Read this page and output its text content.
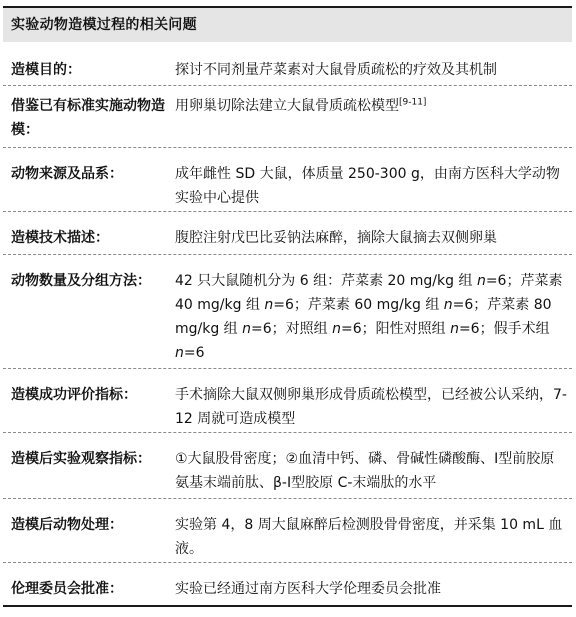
实验动物造模过程的相关问题
造模目的：	探讨不同剂量芹菜素对大鼠骨质疏松的疗效及其机制
借鉴已有标准实施动物造模：
用卵巢切除法建立大鼠骨质疏松模型[9-11]
动物来源及品系：	成年雌性 SD 大鼠，体质量 250-300 g，由南方医科大学动物实验中心提供
造模技术描述：	腹腔注射戊巴比妥钠法麻醉，摘除大鼠摘去双侧卵巢
动物数量及分组方法：	42 只大鼠随机分为 6 组：芹菜素 20 mg/kg 组 n=6；芹菜素 40 mg/kg 组 n=6；芹菜素 60 mg/kg 组 n=6；芹菜素 80 mg/kg 组 n=6；对照组 n=6；阳性对照组 n=6；假手术组 n=6
造模成功评价指标：	手术摘除大鼠双侧卵巢形成骨质疏松模型，已经被公认采纳，7-12 周就可造成模型
造模后实验观察指标：	①大鼠股骨密度；②血清中钙、磷、骨碱性磷酸酶、Ⅰ型前胶原氨基末端前肽、β-Ⅰ型胶原 C-末端肽的水平
造模后动物处理：	实验第 4，8 周大鼠麻醉后检测股骨骨密度，并采集 10 mL 血液。
伦理委员会批准：	实验已经通过南方医科大学伦理委员会批准
